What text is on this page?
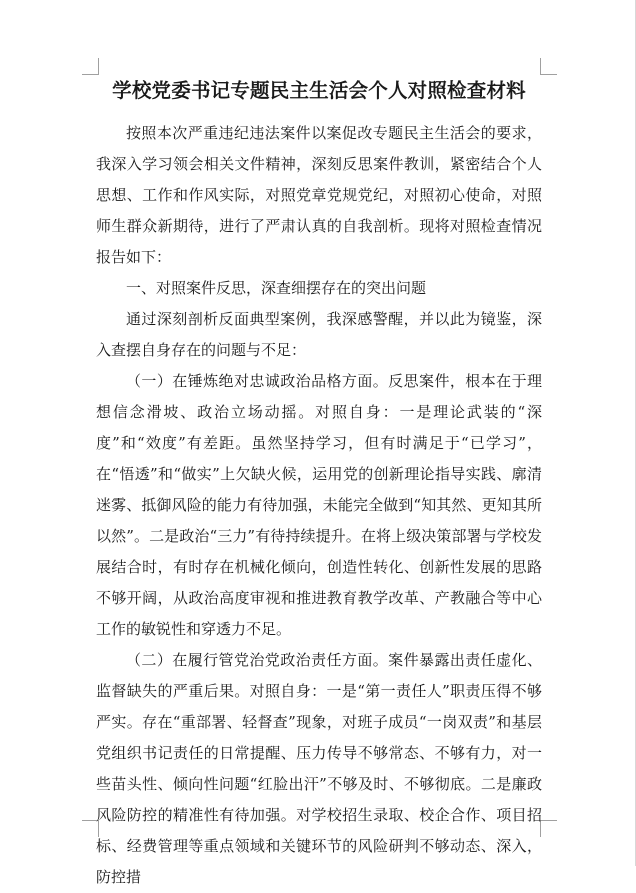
学校党委书记专题民主生活会个人对照检查材料

按照本次严重违纪违法案件以案促改专题民主生活会的要求，我深入学习领会相关文件精神，深刻反思案件教训，紧密结合个人思想、工作和作风实际，对照党章党规党纪，对照初心使命，对照师生群众新期待，进行了严肃认真的自我剖析。现将对照检查情况报告如下：

一、对照案件反思，深查细摆存在的突出问题

通过深刻剖析反面典型案例，我深感警醒，并以此为镜鉴，深入查摆自身存在的问题与不足：

（一）在锤炼绝对忠诚政治品格方面。反思案件，根本在于理想信念滑坡、政治立场动摇。对照自身：一是理论武装的“深度”和“效度”有差距。虽然坚持学习，但有时满足于“已学习”，在“悟透”和“做实”上欠缺火候，运用党的创新理论指导实践、廓清迷雾、抵御风险的能力有待加强，未能完全做到“知其然、更知其所以然”。二是政治“三力”有待持续提升。在将上级决策部署与学校发展结合时，有时存在机械化倾向，创造性转化、创新性发展的思路不够开阔，从政治高度审视和推进教育教学改革、产教融合等中心工作的敏锐性和穿透力不足。

（二）在履行管党治党政治责任方面。案件暴露出责任虚化、监督缺失的严重后果。对照自身：一是“第一责任人”职责压得不够严实。存在“重部署、轻督查”现象，对班子成员“一岗双责”和基层党组织书记责任的日常提醒、压力传导不够常态、不够有力，对一些苗头性、倾向性问题“红脸出汗”不够及时、不够彻底。二是廉政风险防控的精准性有待加强。对学校招生录取、校企合作、项目招标、经费管理等重点领域和关键环节的风险研判不够动态、深入，防控措
